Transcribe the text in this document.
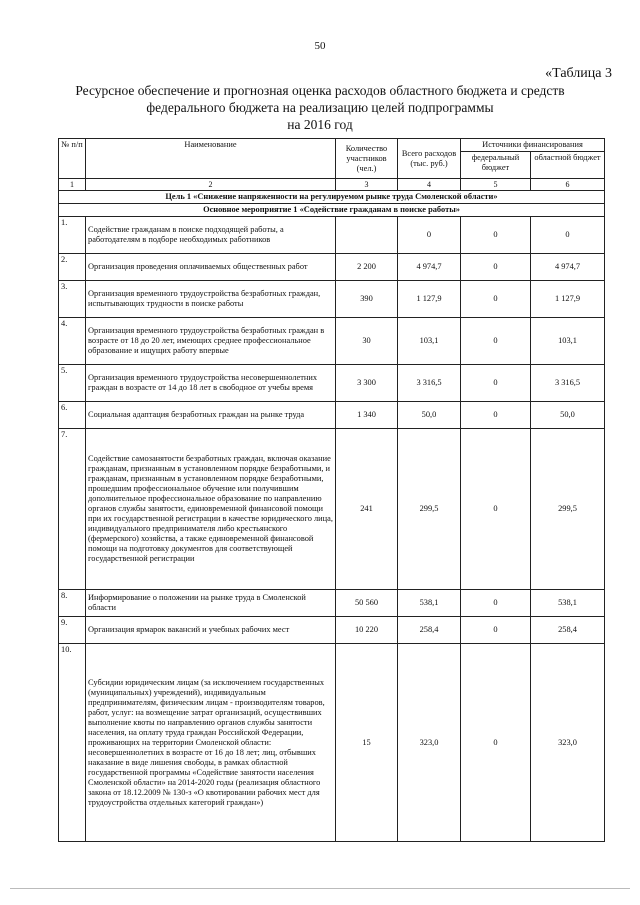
50
«Таблица 3
Ресурсное обеспечение и прогнозная оценка расходов областного бюджета и средств
федерального бюджета на реализацию целей подпрограммы
на 2016 год
№ п/п	Наименование	Количество участников (чел.)	Всего расходов (тыс. руб.)	Источники финансирования	
				федеральный бюджет	областной бюджет
1	2	3	4	5	6
Цель 1 «Снижение напряженности на регулируемом рынке труда Смоленской области»					
Основное мероприятие 1 «Содействие гражданам в поиске работы»					
1.	Содействие гражданам в поиске подходящей работы, а работодателям в подборе необходимых работников		0	0	0
2.	Организация проведения оплачиваемых общественных работ	2 200	4 974,7	0	4 974,7
3.	Организация временного трудоустройства безработных граждан, испытывающих трудности в поиске работы	390	1 127,9	0	1 127,9
4.	Организация временного трудоустройства безработных граждан в возрасте от 18 до 20 лет, имеющих среднее профессиональное образование и ищущих работу впервые	30	103,1	0	103,1
5.	Организация временного трудоустройства несовершеннолетних граждан в возрасте от 14 до 18 лет в свободное от учебы время	3 300	3 316,5	0	3 316,5
6.	Социальная адаптация безработных граждан на рынке труда	1 340	50,0	0	50,0
7.	Содействие самозанятости безработных граждан, включая оказание гражданам, признанным в установленном порядке безработными, и гражданам, признанным в установленном порядке безработными, прошедшим профессиональное обучение или получившим дополнительное профессиональное образование по направлению органов службы занятости, единовременной финансовой помощи при их государственной регистрации в качестве юридического лица, индивидуального предпринимателя либо крестьянского (фермерского) хозяйства, а также единовременной финансовой помощи на подготовку документов для соответствующей государственной регистрации	241	299,5	0	299,5
8.	Информирование о положении на рынке труда в Смоленской области	50 560	538,1	0	538,1
9.	Организация ярмарок вакансий и учебных рабочих мест	10 220	258,4	0	258,4
10.	Субсидии юридическим лицам (за исключением государственных (муниципальных) учреждений), индивидуальным предпринимателям, физическим лицам - производителям товаров, работ, услуг: на возмещение затрат организаций, осуществивших выполнение квоты по направлению органов службы занятости населения, на оплату труда граждан Российской Федерации, проживающих на территории Смоленской области: несовершеннолетних в возрасте от 16 до 18 лет; лиц, отбывших наказание в виде лишения свободы, в рамках областной государственной программы «Содействие занятости населения Смоленской области» на 2014-2020 годы (реализация областного закона от 18.12.2009 № 130-з «О квотировании рабочих мест для трудоустройства отдельных категорий граждан»)	15	323,0	0	323,0
